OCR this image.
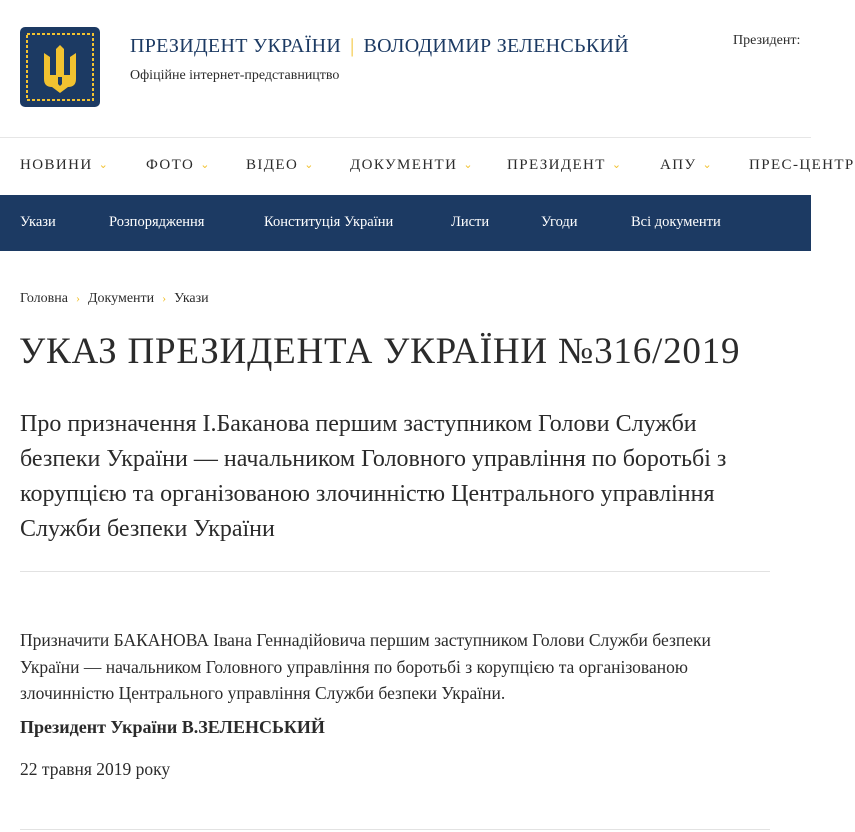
ПРЕЗИДЕНТ УКРАЇНИ | ВОЛОДИМИР ЗЕЛЕНСЬКИЙ
Офіційне інтернет-представництво
Президент:
НОВИНИ ⌄ ФОТО ⌄ ВІДЕО ⌄ ДОКУМЕНТИ ⌄ ПРЕЗИДЕНТ ⌄	АПУ ⌄ ПРЕС-ЦЕНТР
Укази	Розпорядження	Конституція України	Листи	Угоди	Всі документи
Головна › Документи › Укази
УКАЗ ПРЕЗИДЕНТА УКРАЇНИ №316/2019
Про призначення І.Баканова першим заступником Голови Служби безпеки України — начальником Головного управління по боротьбі з корупцією та організованою злочинністю Центрального управління Служби безпеки України

Призначити БАКАНОВА Івана Геннадійовича першим заступником Голови Служби безпеки України — начальником Головного управління по боротьбі з корупцією та організованою злочинністю Центрального управління Служби безпеки України.

Президент України В.ЗЕЛЕНСЬКИЙ
22 травня 2019 року
